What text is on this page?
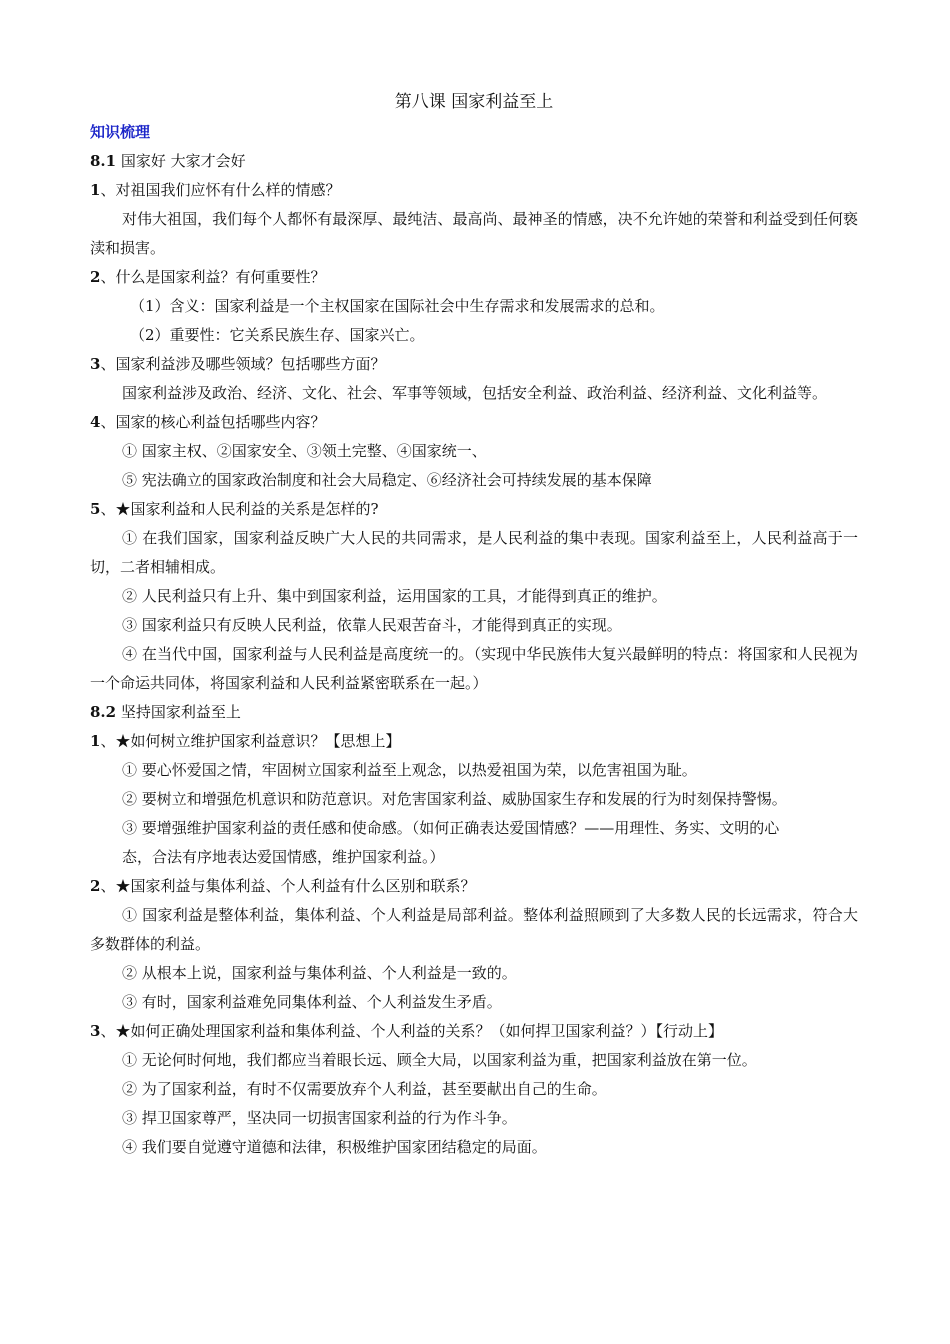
第八课 国家利益至上

知识梳理

8.1 国家好 大家才会好

1、对祖国我们应怀有什么样的情感？

对伟大祖国，我们每个人都怀有最深厚、最纯洁、最高尚、最神圣的情感，决不允许她的荣誉和利益受到任何亵渎和损害。

2、什么是国家利益？有何重要性？

（1）含义：国家利益是一个主权国家在国际社会中生存需求和发展需求的总和。

（2）重要性：它关系民族生存、国家兴亡。

3、国家利益涉及哪些领域？包括哪些方面？

国家利益涉及政治、经济、文化、社会、军事等领域，包括安全利益、政治利益、经济利益、文化利益等。

4、国家的核心利益包括哪些内容？

① 国家主权、②国家安全、③领土完整、④国家统一、

⑤ 宪法确立的国家政治制度和社会大局稳定、⑥经济社会可持续发展的基本保障

5、★国家利益和人民利益的关系是怎样的?

① 在我们国家，国家利益反映广大人民的共同需求，是人民利益的集中表现。国家利益至上，人民利益高于一切，二者相辅相成。

② 人民利益只有上升、集中到国家利益，运用国家的工具，才能得到真正的维护。

③ 国家利益只有反映人民利益，依靠人民艰苦奋斗，才能得到真正的实现。

④ 在当代中国，国家利益与人民利益是高度统一的。（实现中华民族伟大复兴最鲜明的特点：将国家和人民视为一个命运共同体，将国家利益和人民利益紧密联系在一起。）

8.2 坚持国家利益至上

1、★如何树立维护国家利益意识？【思想上】

① 要心怀爱国之情，牢固树立国家利益至上观念，以热爱祖国为荣，以危害祖国为耻。

② 要树立和增强危机意识和防范意识。对危害国家利益、威胁国家生存和发展的行为时刻保持警惕。

③ 要增强维护国家利益的责任感和使命感。（如何正确表达爱国情感？——用理性、务实、文明的心

态，合法有序地表达爱国情感，维护国家利益。）

2、★国家利益与集体利益、个人利益有什么区别和联系？

① 国家利益是整体利益，集体利益、个人利益是局部利益。整体利益照顾到了大多数人民的长远需求，符合大多数群体的利益。

② 从根本上说，国家利益与集体利益、个人利益是一致的。

③ 有时，国家利益难免同集体利益、个人利益发生矛盾。

3、★如何正确处理国家利益和集体利益、个人利益的关系？（如何捍卫国家利益？）【行动上】

① 无论何时何地，我们都应当着眼长远、顾全大局，以国家利益为重，把国家利益放在第一位。

② 为了国家利益，有时不仅需要放弃个人利益，甚至要献出自己的生命。

③ 捍卫国家尊严，坚决同一切损害国家利益的行为作斗争。

④ 我们要自觉遵守道德和法律，积极维护国家团结稳定的局面。
